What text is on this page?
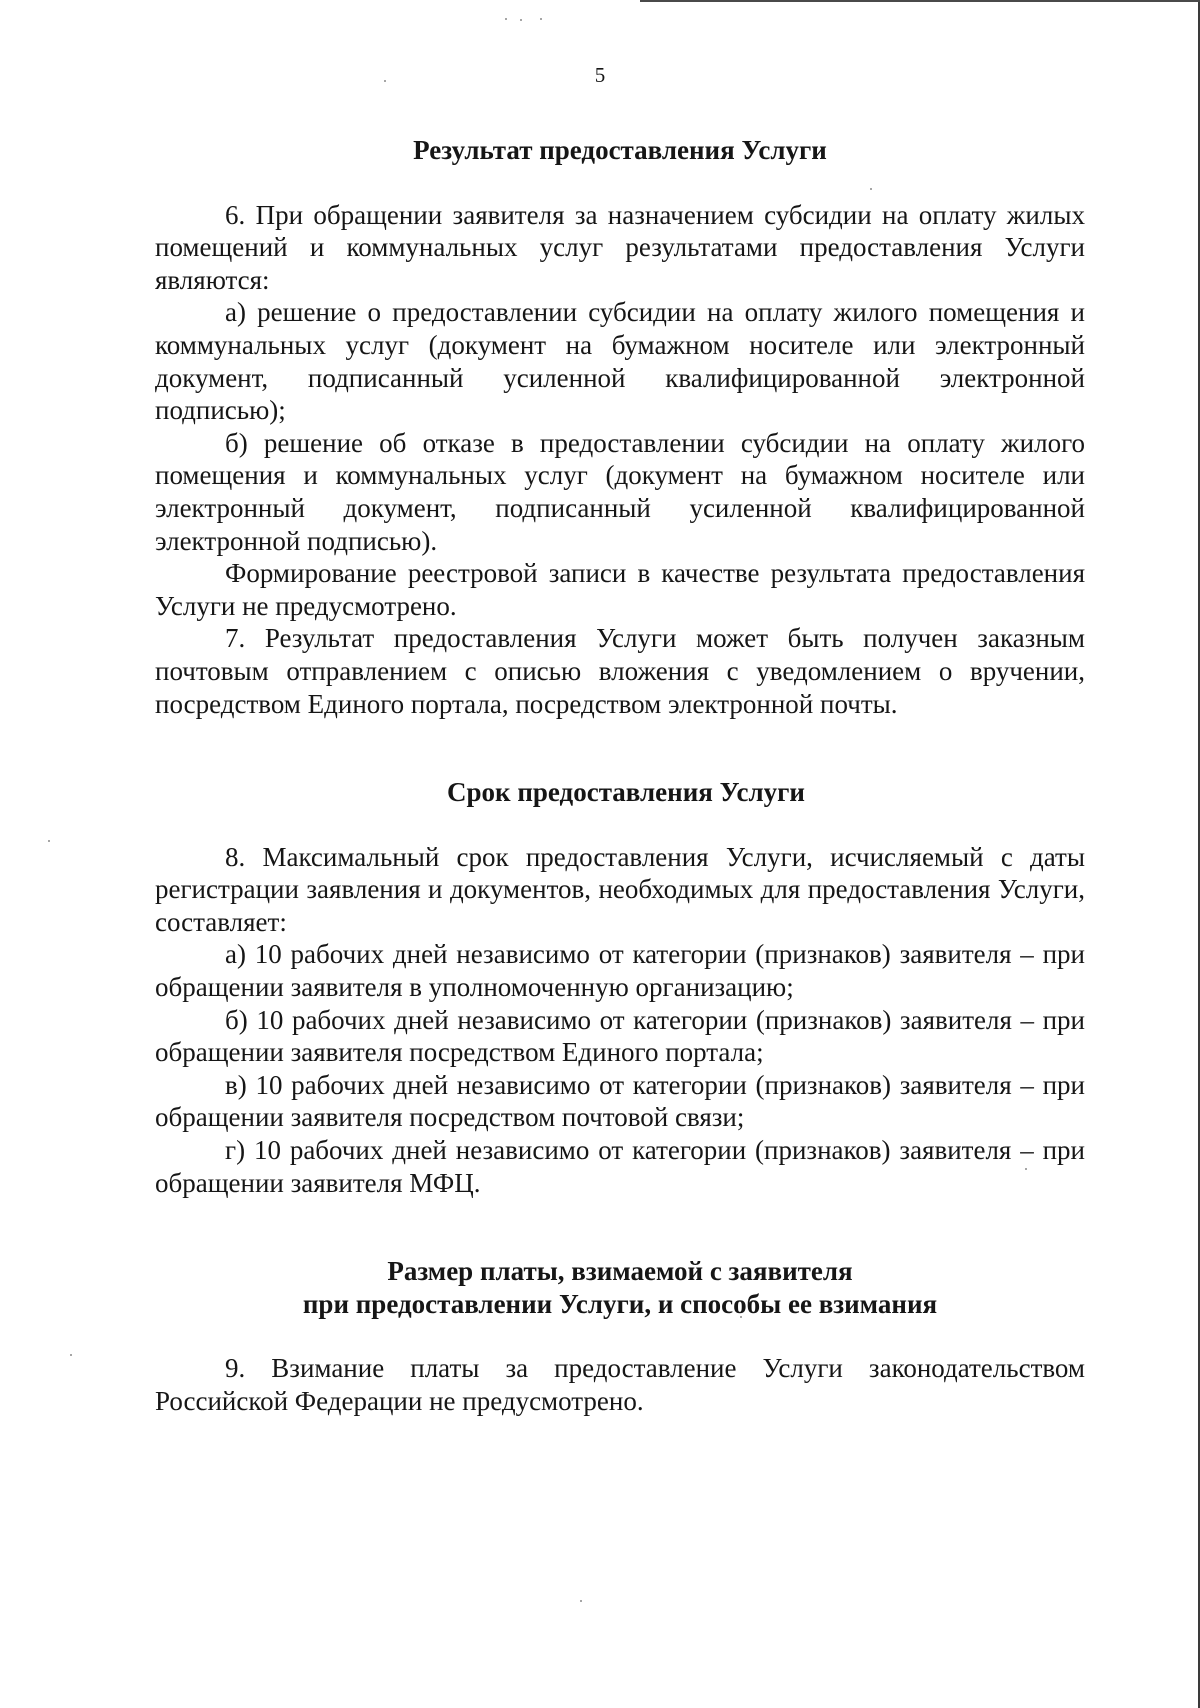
5
Результат предоставления Услуги

6. При обращении заявителя за назначением субсидии на оплату жилых помещений и коммунальных услуг результатами предоставления Услуги являются:

а) решение о предоставлении субсидии на оплату жилого помещения и коммунальных услуг (документ на бумажном носителе или электронный документ, подписанный усиленной квалифицированной электронной подписью);

б) решение об отказе в предоставлении субсидии на оплату жилого помещения и коммунальных услуг (документ на бумажном носителе или электронный документ, подписанный усиленной квалифицированной электронной подписью).

Формирование реестровой записи в качестве результата предоставления Услуги не предусмотрено.

7. Результат предоставления Услуги может быть получен заказным почтовым отправлением с описью вложения с уведомлением о вручении, посредством Единого портала, посредством электронной почты.

Срок предоставления Услуги

8. Максимальный срок предоставления Услуги, исчисляемый с даты регистрации заявления и документов, необходимых для предоставления Услуги, составляет:

а) 10 рабочих дней независимо от категории (признаков) заявителя – при обращении заявителя в уполномоченную организацию;

б) 10 рабочих дней независимо от категории (признаков) заявителя – при обращении заявителя посредством Единого портала;

в) 10 рабочих дней независимо от категории (признаков) заявителя – при обращении заявителя посредством почтовой связи;

г) 10 рабочих дней независимо от категории (признаков) заявителя – при обращении заявителя МФЦ.

Размер платы, взимаемой с заявителя
при предоставлении Услуги, и способы ее взимания

9. Взимание платы за предоставление Услуги законодательством Российской Федерации не предусмотрено.
